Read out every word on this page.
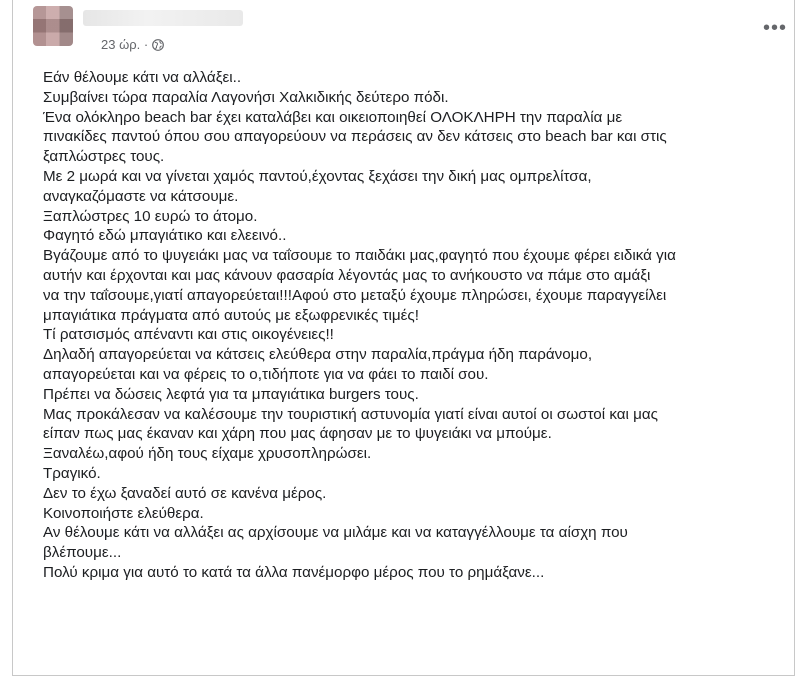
23 ώρ. ·
•••
Εάν θέλουμε κάτι να αλλάξει..
Συμβαίνει τώρα παραλία Λαγονήσι Χαλκιδικής δεύτερο πόδι.
Ένα ολόκληρο beach bar έχει καταλάβει και οικειοποιηθεί ΟΛΟΚΛΗΡΗ την παραλία με
πινακίδες παντού όπου σου απαγορεύουν να περάσεις αν δεν κάτσεις στο beach bar και στις
ξαπλώστρες τους.
Με 2 μωρά και να γίνεται χαμός παντού,έχοντας ξεχάσει την δική μας ομπρελίτσα,
αναγκαζόμαστε να κάτσουμε.
Ξαπλώστρες 10 ευρώ το άτομο.
Φαγητό εδώ μπαγιάτικο και ελεεινό..
Βγάζουμε από το ψυγειάκι μας να ταΐσουμε το παιδάκι μας,φαγητό που έχουμε φέρει ειδικά για
αυτήν και έρχονται και μας κάνουν φασαρία λέγοντάς μας το ανήκουστο να πάμε στο αμάξι
να την ταΐσουμε,γιατί απαγορεύεται!!!Αφού στο μεταξύ έχουμε πληρώσει, έχουμε παραγγείλει
μπαγιάτικα πράγματα από αυτούς με εξωφρενικές τιμές!
Τί ρατσισμός απέναντι και στις οικογένειες!!
Δηλαδή απαγορεύεται να κάτσεις ελεύθερα στην παραλία,πράγμα ήδη παράνομο,
απαγορεύεται και να φέρεις το ο,τιδήποτε για να φάει το παιδί σου.
Πρέπει να δώσεις λεφτά για τα μπαγιάτικα burgers τους.
Μας προκάλεσαν να καλέσουμε την τουριστική αστυνομία γιατί είναι αυτοί οι σωστοί και μας
είπαν πως μας έκαναν και χάρη που μας άφησαν με το ψυγειάκι να μπούμε.
Ξαναλέω,αφού ήδη τους είχαμε χρυσοπληρώσει.
Τραγικό.
Δεν το έχω ξαναδεί αυτό σε κανένα μέρος.
Κοινοποιήστε ελεύθερα.
Αν θέλουμε κάτι να αλλάξει ας αρχίσουμε να μιλάμε και να καταγγέλλουμε τα αίσχη που
βλέπουμε...
Πολύ κριμα για αυτό το κατά τα άλλα πανέμορφο μέρος που το ρημάξανε...
